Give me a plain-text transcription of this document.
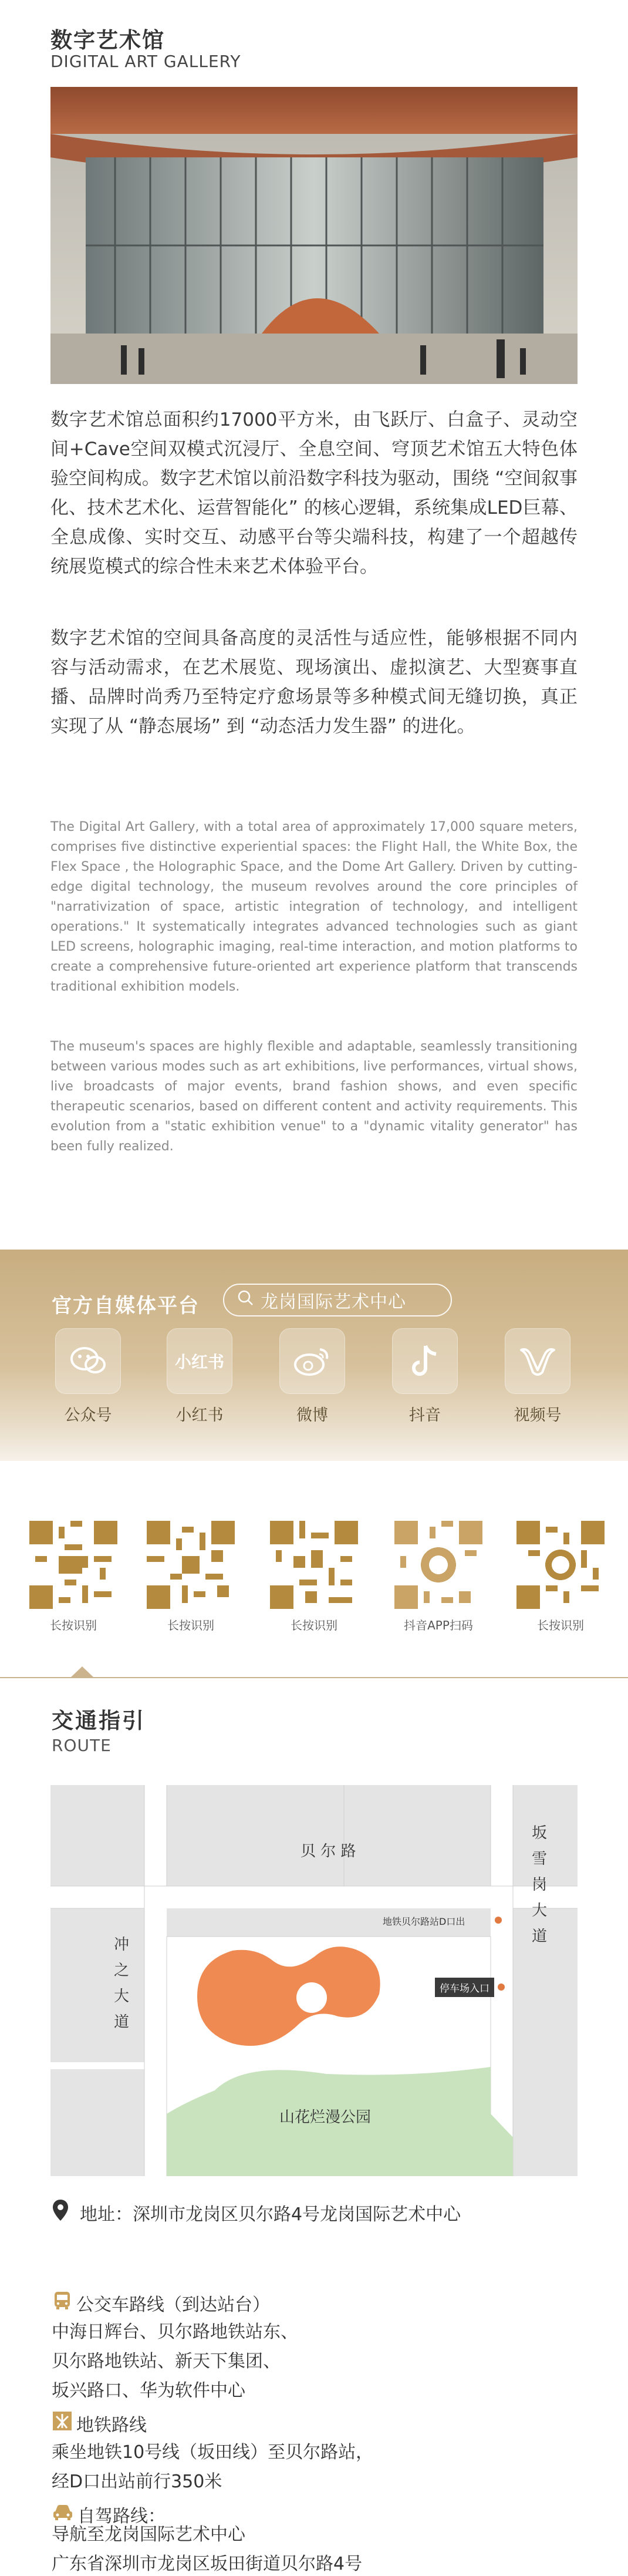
数字艺术馆
DIGITAL ART GALLERY
数字艺术馆总面积约17000平方米，由飞跃厅、白盒子、灵动空间+Cave空间双模式沉浸厅、全息空间、穹顶艺术馆五大特色体验空间构成。数字艺术馆以前沿数字科技为驱动，围绕 “空间叙事化、技术艺术化、运营智能化” 的核心逻辑，系统集成LED巨幕、全息成像、实时交互、动感平台等尖端科技，构建了一个超越传统展览模式的综合性未来艺术体验平台。
数字艺术馆的空间具备高度的灵活性与适应性，能够根据不同内容与活动需求，在艺术展览、现场演出、虚拟演艺、大型赛事直播、品牌时尚秀乃至特定疗愈场景等多种模式间无缝切换，真正实现了从 “静态展场” 到 “动态活力发生器” 的进化。
The Digital Art Gallery, with a total area of approximately 17,000 square meters, comprises five distinctive experiential spaces: the Flight Hall, the White Box, the Flex Space , the Holographic Space, and the Dome Art Gallery. Driven by cutting-edge digital technology, the museum revolves around the core principles of "narrativization of space, artistic integration of technology, and intelligent operations." It systematically integrates advanced technologies such as giant LED screens, holographic imaging, real-time interaction, and motion platforms to create a comprehensive future-oriented art experience platform that transcends traditional exhibition models.
The museum's spaces are highly flexible and adaptable, seamlessly transitioning between various modes such as art exhibitions, live performances, virtual shows, live broadcasts of major events, brand fashion shows, and even specific therapeutic scenarios, based on different content and activity requirements. This evolution from a "static exhibition venue" to a "dynamic vitality generator" has been fully realized.
官方自媒体平台	龙岗国际艺术中心
公众号
小红书
小红书	微博	抖音	视频号
长按识别	长按识别	长按识别	抖音APP扫码	长按识别
交通指引
ROUTE
贝 尔 路
冲之大道
坂雪岗大道
地铁贝尔路站D口出
停车场入口
山花烂漫公园
地址：深圳市龙岗区贝尔路4号龙岗国际艺术中心
公交车路线（到达站台）
中海日辉台、贝尔路地铁站东、
贝尔路地铁站、新天下集团、
坂兴路口、华为软件中心
地铁路线
乘坐地铁10号线（坂田线）至贝尔路站，
经D口出站前行350米
自驾路线：
导航至龙岗国际艺术中心
广东省深圳市龙岗区坂田街道贝尔路4号
